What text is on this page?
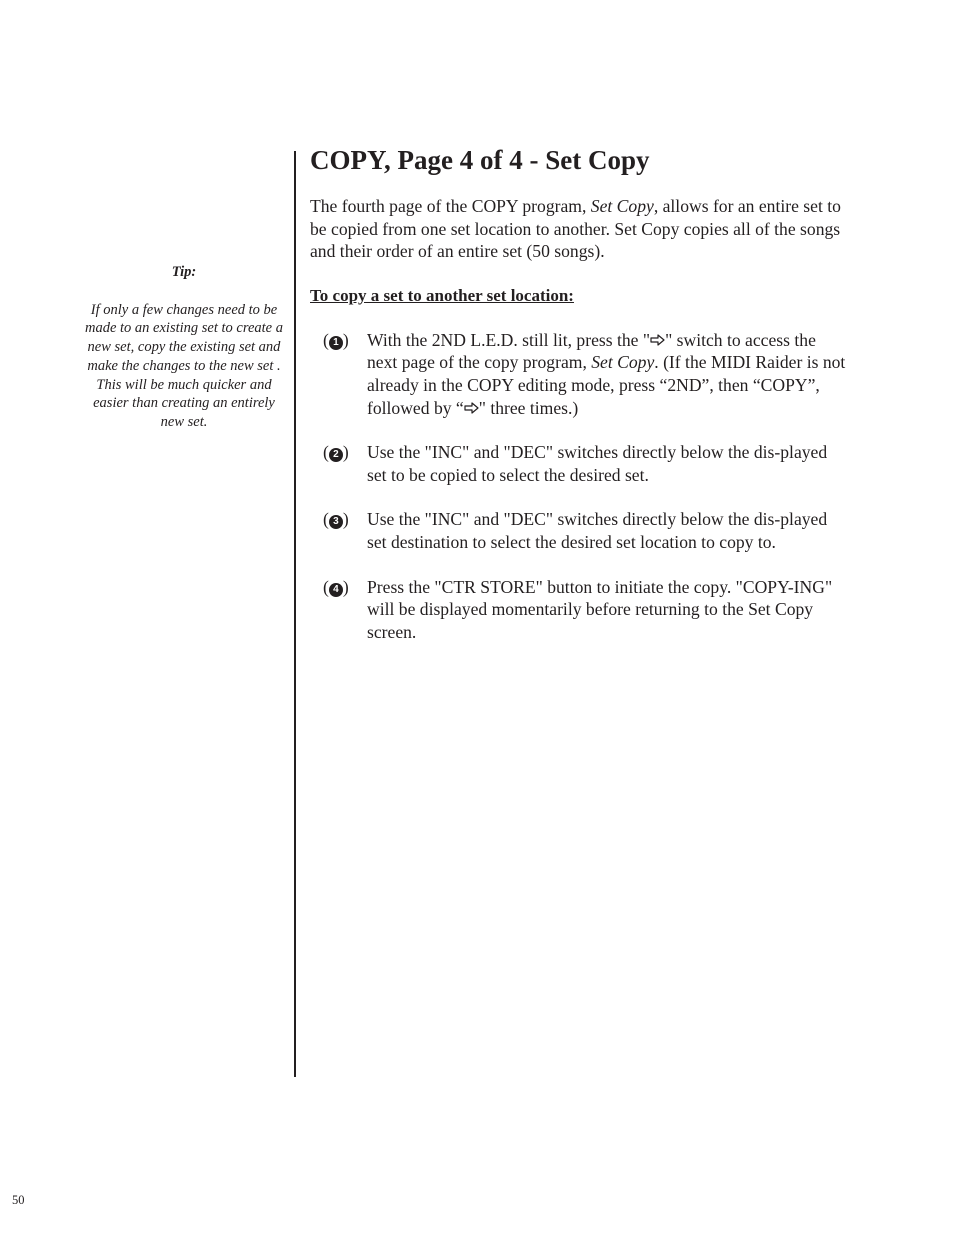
Tip:

If only a few changes need to be made to an existing set to create a new set, copy the existing set and make the changes to the new set . This will be much quicker and easier than creating an entirely new set.

COPY, Page 4 of 4 - Set Copy

The fourth page of the COPY program, Set Copy, allows for an entire set to be copied from one set location to another. Set Copy copies all of the songs and their order of an entire set (50 songs).

To copy a set to another set location:

( 1 )	With the 2ND L.E.D. still lit, press the " " switch to access the next page of the copy program, Set Copy. (If the MIDI Raider is not already in the COPY editing mode, press “2ND”, then “COPY”, followed by “ " three times.)
( 2 )	Use the "INC" and "DEC" switches directly below the dis-played set to be copied to select the desired set.
( 3 )	Use the "INC" and "DEC" switches directly below the dis-played set destination to select the desired set location to copy to.
( 4 )	Press the "CTR STORE" button to initiate the copy. "COPY-ING" will be displayed momentarily before returning to the Set Copy screen.
50
